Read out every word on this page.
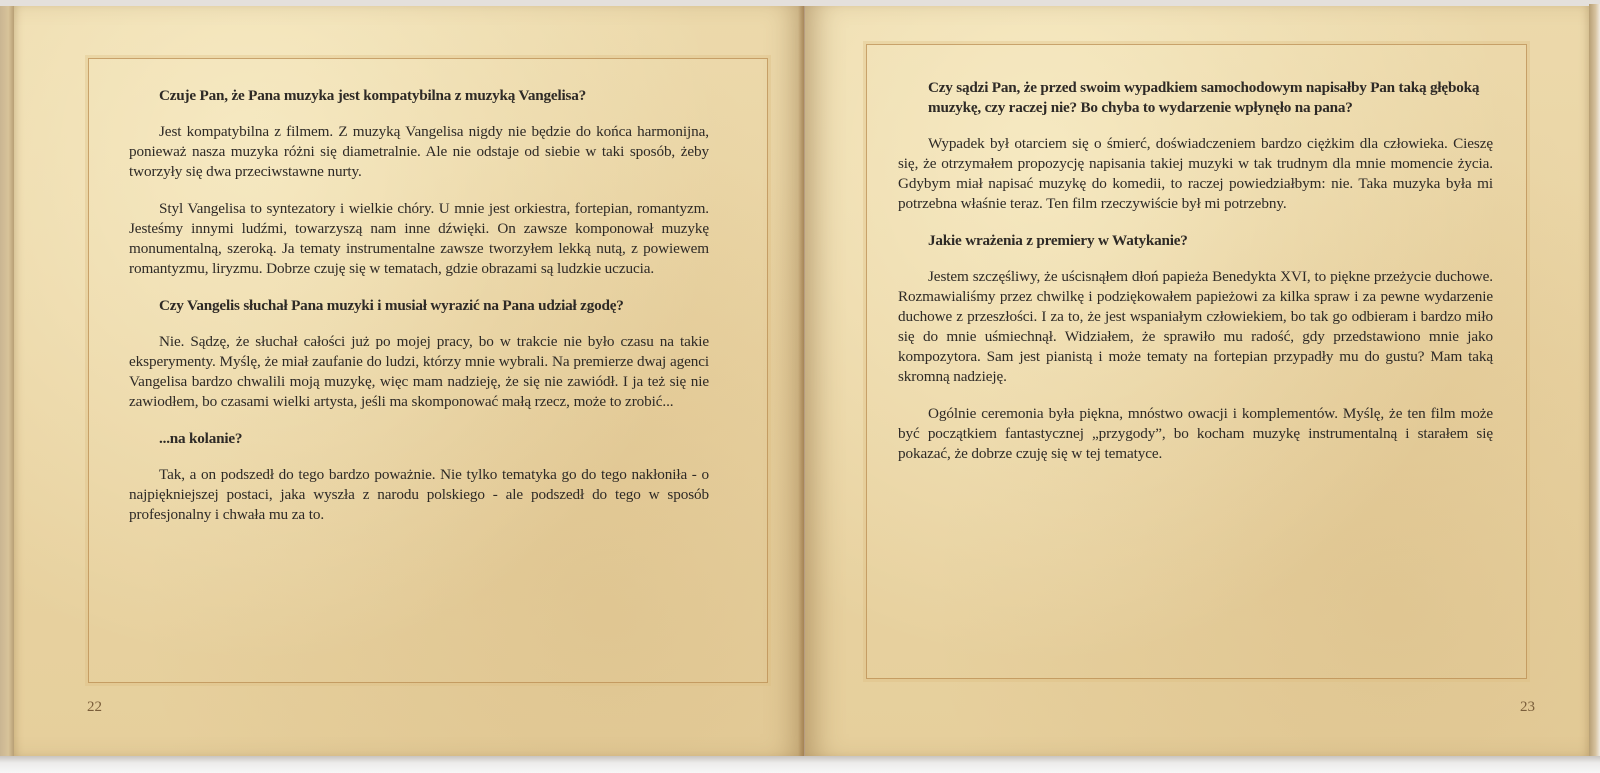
Czuje Pan, że Pana muzyka jest kompatybilna z muzyką Vangelisa?
Jest kompatybilna z filmem. Z muzyką Vangelisa nigdy nie będzie do końca harmonijna, ponieważ nasza muzyka różni się diametralnie. Ale nie odstaje od siebie w taki sposób, żeby tworzyły się dwa przeciwstawne nurty.
Styl Vangelisa to syntezatory i wielkie chóry. U mnie jest orkiestra, fortepian, romantyzm. Jesteśmy innymi ludźmi, towarzyszą nam inne dźwięki. On zawsze komponował muzykę monumentalną, szeroką. Ja tematy instrumentalne zawsze tworzyłem lekką nutą, z powiewem romantyzmu, liryzmu. Dobrze czuję się w tematach, gdzie obrazami są ludzkie uczucia.
Czy Vangelis słuchał Pana muzyki i musiał wyrazić na Pana udział zgodę?
Nie. Sądzę, że słuchał całości już po mojej pracy, bo w trakcie nie było czasu na takie eksperymenty. Myślę, że miał zaufanie do ludzi, którzy mnie wybrali. Na premierze dwaj agenci Vangelisa bardzo chwalili moją muzykę, więc mam nadzieję, że się nie zawiódł. I ja też się nie zawiodłem, bo czasami wielki artysta, jeśli ma skomponować małą rzecz, może to zrobić...
...na kolanie?
Tak, a on podszedł do tego bardzo poważnie. Nie tylko tematyka go do tego nakłoniła - o najpiękniejszej postaci, jaka wyszła z narodu polskiego - ale podszedł do tego w sposób profesjonalny i chwała mu za to.
22
Czy sądzi Pan, że przed swoim wypadkiem samochodowym napisałby Pan taką głęboką muzykę, czy raczej nie? Bo chyba to wydarzenie wpłynęło na pana?
Wypadek był otarciem się o śmierć, doświadczeniem bardzo ciężkim dla człowieka. Cieszę się, że otrzymałem propozycję napisania takiej muzyki w tak trudnym dla mnie momencie życia. Gdybym miał napisać muzykę do komedii, to raczej powiedziałbym: nie. Taka muzyka była mi potrzebna właśnie teraz. Ten film rzeczywiście był mi potrzebny.
Jakie wrażenia z premiery w Watykanie?
Jestem szczęśliwy, że uścisnąłem dłoń papieża Benedykta XVI, to piękne przeżycie duchowe. Rozmawialiśmy przez chwilkę i podziękowałem papieżowi za kilka spraw i za pewne wydarzenie duchowe z przeszłości. I za to, że jest wspaniałym człowiekiem, bo tak go odbieram i bardzo miło się do mnie uśmiechnął. Widziałem, że sprawiło mu radość, gdy przedstawiono mnie jako kompozytora. Sam jest pianistą i może tematy na fortepian przypadły mu do gustu? Mam taką skromną nadzieję.
Ogólnie ceremonia była piękna, mnóstwo owacji i komplementów. Myślę, że ten film może być początkiem fantastycznej „przygody”, bo kocham muzykę instrumentalną i starałem się pokazać, że dobrze czuję się w tej tematyce.
23
